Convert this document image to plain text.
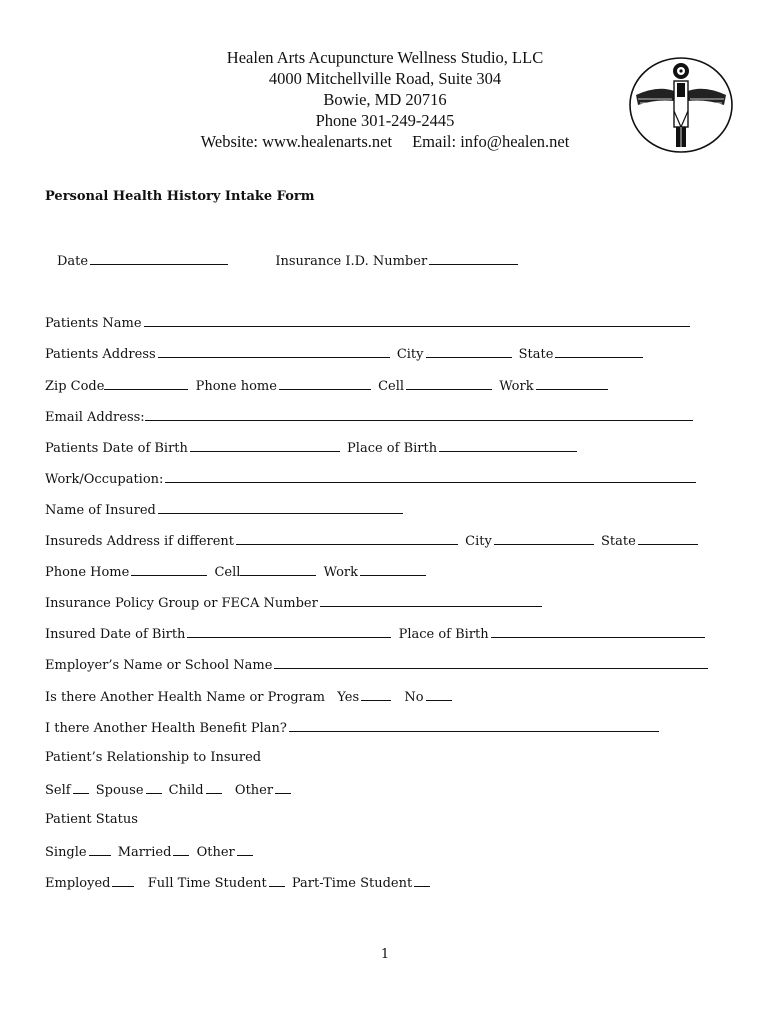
Healen Arts Acupuncture Wellness Studio, LLC
4000 Mitchellville Road, Suite 304
Bowie, MD 20716
Phone 301-249-2445
Website: www.healenarts.net Email: info@healen.net
Personal Health History Intake Form
Date	Insurance I.D. Number
Patients Name
Patients Address	City	State
Zip Code	Phone home	Cell	Work
Email Address:
Patients Date of Birth	Place of Birth
Work/Occupation:
Name of Insured
Insureds Address if different	City	State
Phone Home	Cell	Work
Insurance Policy Group or FECA Number
Insured Date of Birth	Place of Birth
Employer’s Name or School Name
Is there Another Health Name or Program Yes	No
I there Another Health Benefit Plan?
Patient’s Relationship to Insured
Self Spouse Child Other
Patient Status
Single Married Other
Employed	Full Time Student Part-Time Student
1
